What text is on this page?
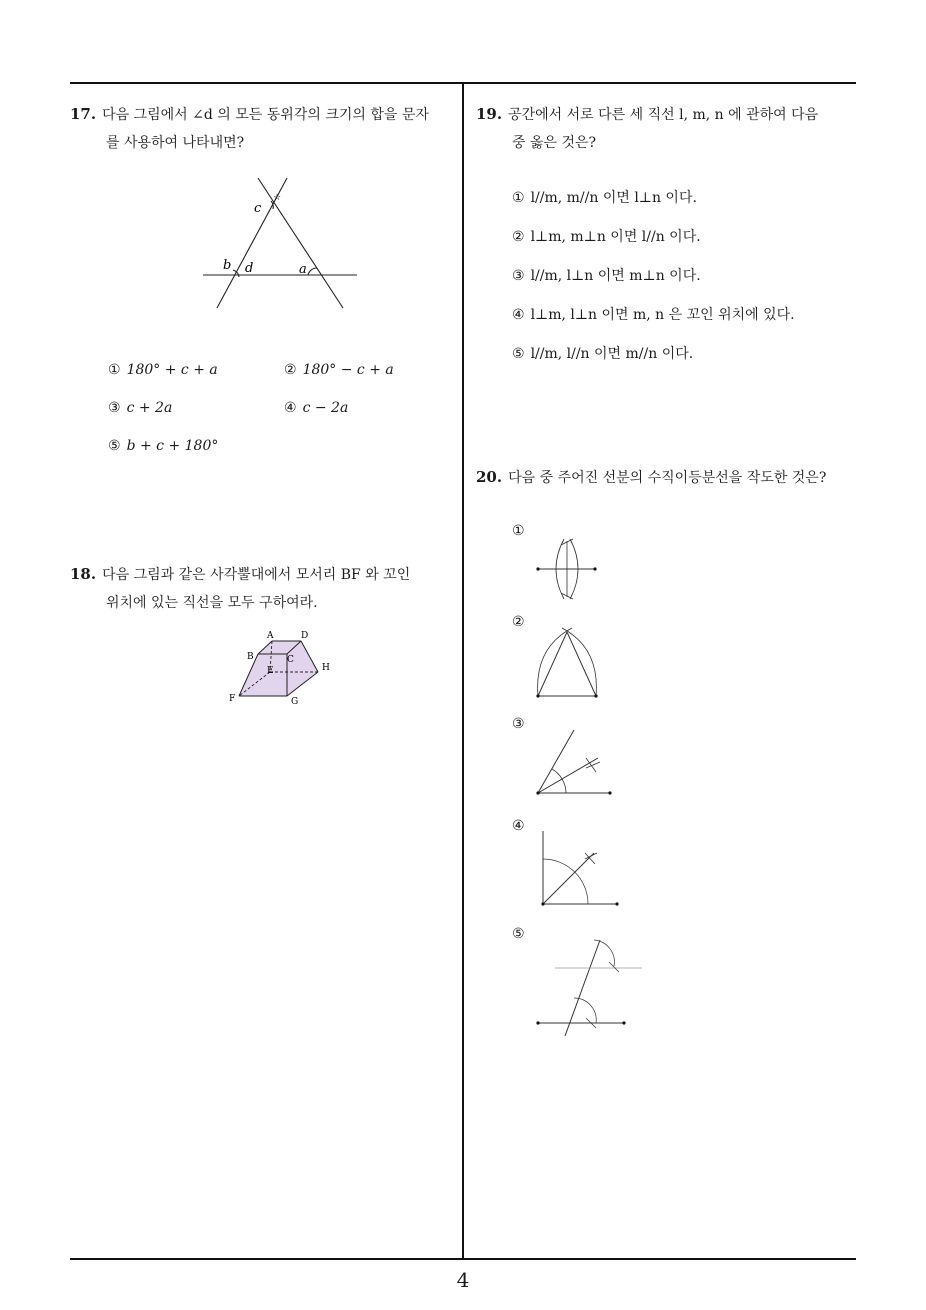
17. 다음 그림에서 ∠d 의 모든 동위각의 크기의 합을 문자
를 사용하여 나타내면?
c
☆
b d	a
① 180° + c + a	② 180° − c + a
③ c + 2a	④ c − 2a
⑤ b + c + 180°
18. 다음 그림과 같은 사각뿔대에서 모서리 BF 와 꼬인
위치에 있는 직선을 모두 구하여라.
A	D
B	C
E	H
F	G
19. 공간에서 서로 다른 세 직선 l, m, n 에 관하여 다음
중 옳은 것은?
① l//m, m//n 이면 l⊥n 이다.
② l⊥m, m⊥n 이면 l//n 이다.
③ l//m, l⊥n 이면 m⊥n 이다.
④ l⊥m, l⊥n 이면 m, n 은 꼬인 위치에 있다.
⑤ l//m, l//n 이면 m//n 이다.
20. 다음 중 주어진 선분의 수직이등분선을 작도한 것은?
①
②
③
④
⑤
4
